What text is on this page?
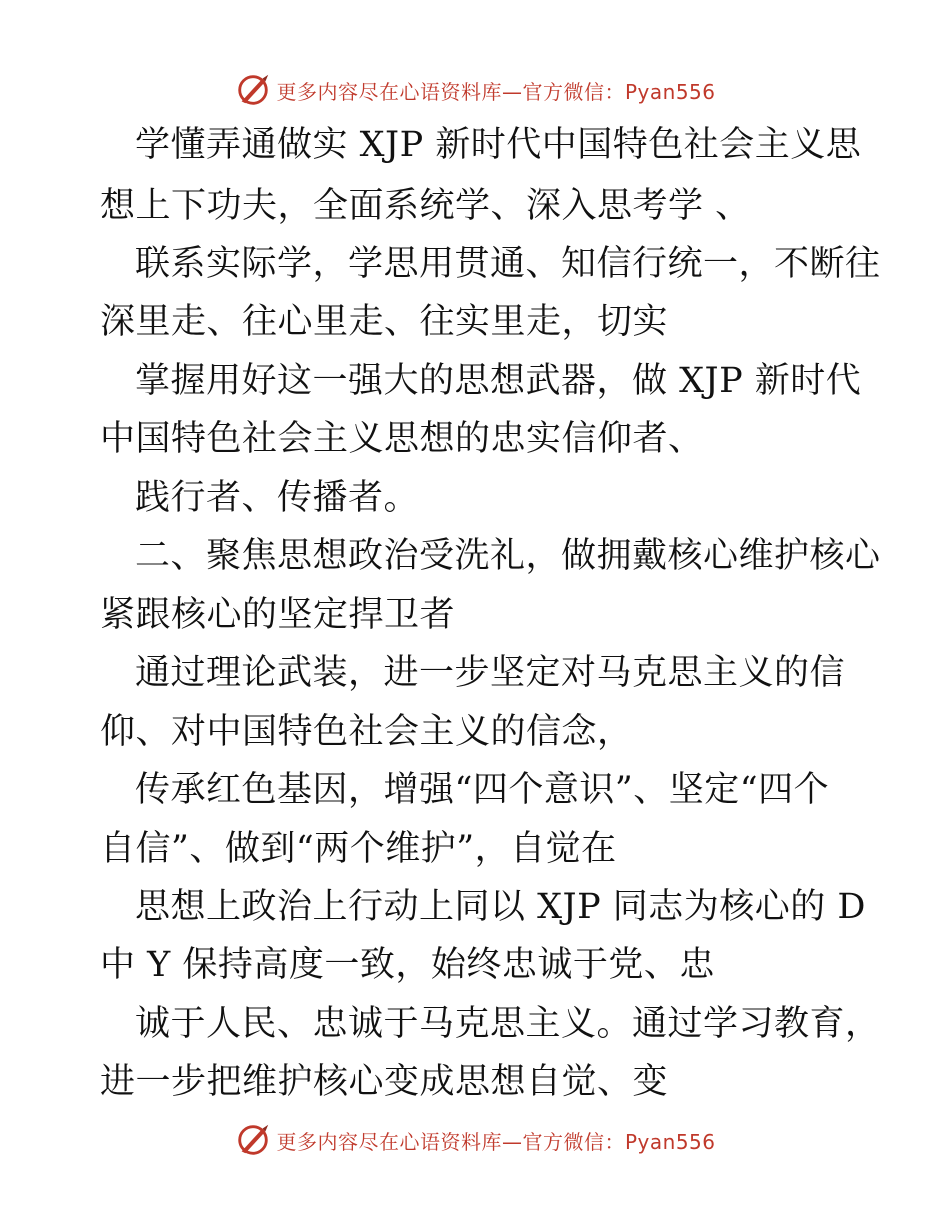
更多内容尽在心语资料库—官方微信：Pyan556
学懂弄通做实 XJP 新时代中国特色社会主义思
想上下功夫，全面系统学、深入思考学 、
联系实际学，学思用贯通、知信行统一，不断往
深里走、往心里走、往实里走，切实
掌握用好这一强大的思想武器，做 XJP 新时代
中国特色社会主义思想的忠实信仰者、
践行者、传播者。
二、聚焦思想政治受洗礼，做拥戴核心维护核心
紧跟核心的坚定捍卫者
通过理论武装，进一步坚定对马克思主义的信
仰、对中国特色社会主义的信念，
传承红色基因，增强“四个意识”、坚定“四个
自信”、做到“两个维护”，自觉在
思想上政治上行动上同以 XJP 同志为核心的 D
中 Y 保持高度一致，始终忠诚于党、忠
诚于人民、忠诚于马克思主义。通过学习教育，
进一步把维护核心变成思想自觉、变
更多内容尽在心语资料库—官方微信：Pyan556
